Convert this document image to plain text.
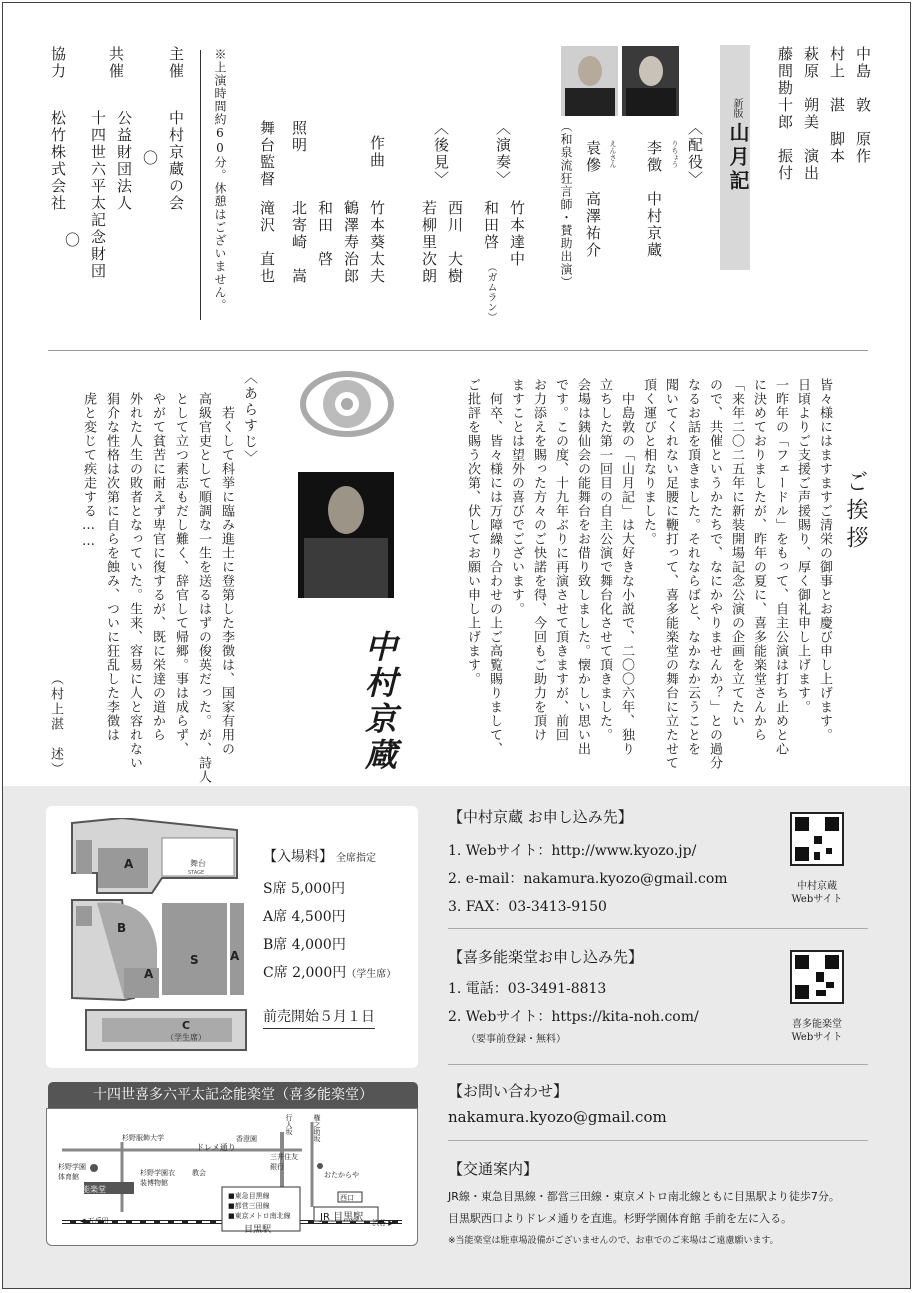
中島　敦　原作
村上　湛　脚本
萩原　朔美　演出
藤間勘十郎　振付
新版
山月記
〈配役〉
りちょう
李徴　中村京蔵
えんさん
袁傪　高澤祐介
（和泉流狂言師・賛助出演）
〈演奏〉
竹本達中
和田啓
（ガムラン）
〈後見〉
西川　大樹
若柳里次朗
作曲
竹本葵太夫
鶴澤寿治郎
和田　啓
照明
北寄崎　嵩
舞台監督
滝沢　直也
※上演時間約60分。休憩はございません。
主催
中村京蔵の会
〇
共催
公益財団法人
十四世六平太記念財団
〇
協力
松竹株式会社
ご挨拶
皆々様にはますますご清栄の御事とお慶び申し上げます。
日頃よりご支援ご声援賜り、厚く御礼申し上げます。
一昨年の「フェードル」をもって、自主公演は打ち止めと心
に決めておりましたが、昨年の夏に、喜多能楽堂さんから
「来年二〇二五年に新装開場記念公演の企画を立てたい
ので、共催というかたちで、なにかやりませんか？」との過分
なるお話を頂きました。それならばと、なかなか云うことを
聞いてくれない足腰に鞭打って、喜多能楽堂の舞台に立たせて
頂く運びと相なりました。
　中島敦の「山月記」は大好きな小説で、二〇〇六年、独り
立ちした第一回目の自主公演で舞台化させて頂きました。
会場は銕仙会の能舞台をお借り致しました。懐かしい思い出
です。この度、十九年ぶりに再演させて頂きますが、前回
お力添えを賜った方々のご快諾を得、今回もご助力を頂け
ますことは望外の喜びでございます。
　何卒、皆々様には万障繰り合わせの上ご高覧賜りまして、
ご批評を賜う次第、伏してお願い申し上げます。
中村京蔵
〈あらすじ〉
　若くして科挙に臨み進士に登第した李徴は、国家有用の
高級官吏として順調な一生を送るはずの俊英だった。が、詩人
として立つ素志もだし難く、辞官して帰郷。事は成らず、
やがて貧苦に耐えず卑官に復するが、既に栄達の道から
外れた人生の敗者となっていた。生来、容易に人と容れない
狷介な性格は次第に自らを蝕み、ついに狂乱した李徴は
虎と変じて疾走する……
（村上湛　述）
A
B
S	A
A
C
（学生席）
舞台
STAGE
【入場料】 全席指定
S席 5,000円
A席 4,500円
B席 4,000円
C席 2,000円（学生席）
前売開始５月１日
十四世喜多六平太記念能楽堂（喜多能楽堂）
杉野服飾大学
ドレメ通り
香澄園
行人坂	権之助坂
杉野学園体育館	杉野学園衣装博物館
教会
喜多能楽堂
三井住友銀行
おたからや
西口
■東急目黒線
■都営三田線
■東京メトロ南北線
目黒駅
JR 目黒駅
◀ 五反田	渋谷 ▶
【中村京蔵 お申し込み先】
1. Webサイト：http://www.kyozo.jp/
2. e-mail：nakamura.kyozo@gmail.com
3. FAX：03-3413-9150
中村京蔵
Webサイト
【喜多能楽堂お申し込み先】
1. 電話：03-3491-8813
2. Webサイト：https://kita-noh.com/
（要事前登録・無料）
喜多能楽堂
Webサイト
【お問い合わせ】
nakamura.kyozo@gmail.com
【交通案内】
JR線・東急目黒線・都営三田線・東京メトロ南北線ともに目黒駅より徒歩7分。
目黒駅西口よりドレメ通りを直進。杉野学園体育館 手前を左に入る。
※当能楽堂は駐車場設備がございませんので、お車でのご来場はご遠慮願います。
